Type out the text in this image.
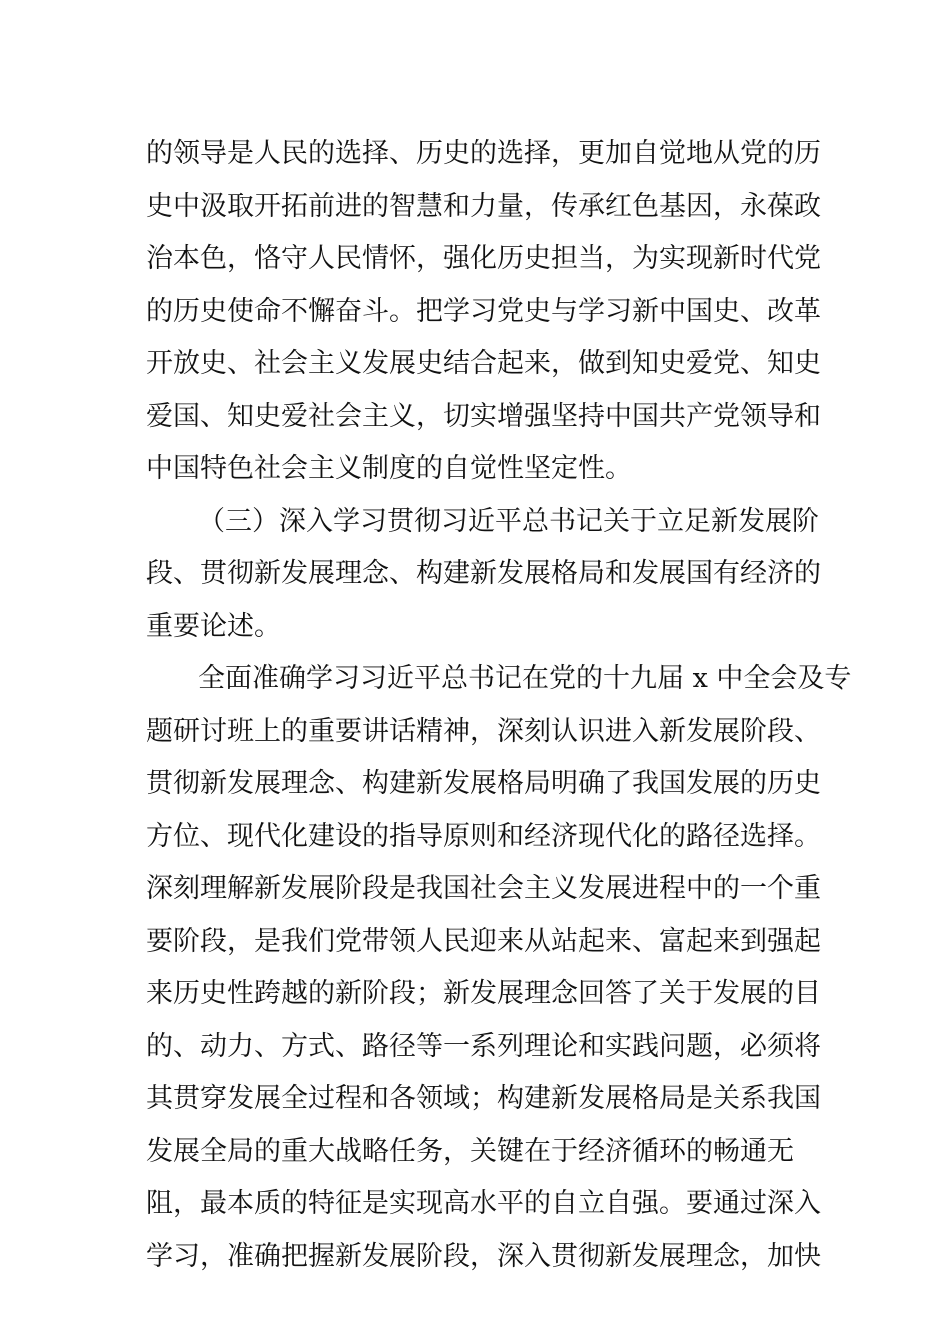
的领导是人民的选择、历史的选择，更加自觉地从党的历
史中汲取开拓前进的智慧和力量，传承红色基因，永葆政
治本色，恪守人民情怀，强化历史担当，为实现新时代党
的历史使命不懈奋斗。把学习党史与学习新中国史、改革
开放史、社会主义发展史结合起来，做到知史爱党、知史
爱国、知史爱社会主义，切实增强坚持中国共产党领导和
中国特色社会主义制度的自觉性坚定性。
（三）深入学习贯彻习近平总书记关于立足新发展阶
段、贯彻新发展理念、构建新发展格局和发展国有经济的
重要论述。
全面准确学习习近平总书记在党的十九届 x 中全会及专
题研讨班上的重要讲话精神，深刻认识进入新发展阶段、
贯彻新发展理念、构建新发展格局明确了我国发展的历史
方位、现代化建设的指导原则和经济现代化的路径选择。
深刻理解新发展阶段是我国社会主义发展进程中的一个重
要阶段，是我们党带领人民迎来从站起来、富起来到强起
来历史性跨越的新阶段；新发展理念回答了关于发展的目
的、动力、方式、路径等一系列理论和实践问题，必须将
其贯穿发展全过程和各领域；构建新发展格局是关系我国
发展全局的重大战略任务，关键在于经济循环的畅通无
阻，最本质的特征是实现高水平的自立自强。要通过深入
学习，准确把握新发展阶段，深入贯彻新发展理念，加快
